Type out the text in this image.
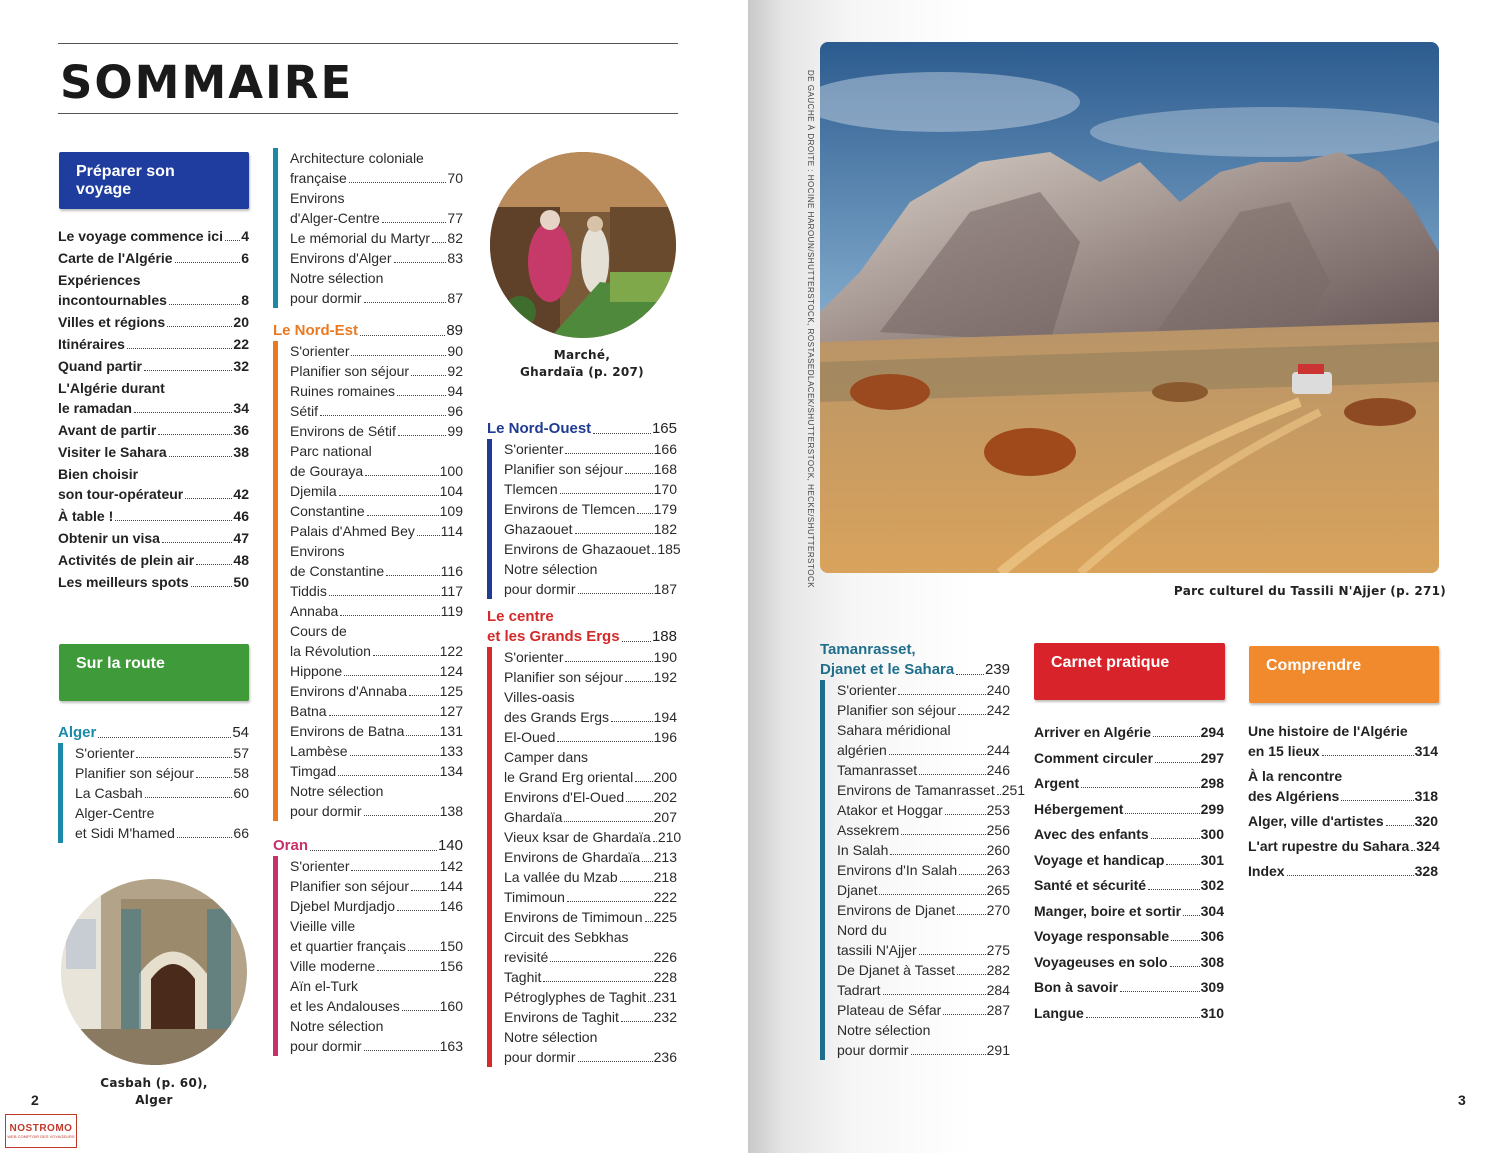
SOMMAIRE
Préparer son voyage
Le voyage commence ici 4
Carte de l'Algérie	6
Expériences
incontournables	8
Villes et régions	20
Itinéraires	22
Quand partir	32
L'Algérie durant
le ramadan	34
Avant de partir	36
Visiter le Sahara	38
Bien choisir
son tour-opérateur	42
À table !	46
Obtenir un visa	47
Activités de plein air	48
Les meilleurs spots	50
Sur la route
Alger	54
S'orienter	57
Planifier son séjour	58
La Casbah	60
Alger-Centre
et Sidi M'hamed	66
Casbah (p. 60),
Alger
2
Architecture coloniale
française	70
Environs
d'Alger-Centre	77
Le mémorial du Martyr 82
Environs d'Alger	83
Notre sélection
pour dormir	87
Le Nord-Est	89
S'orienter	90
Planifier son séjour	92
Ruines romaines	94
Sétif	96
Environs de Sétif	99
Parc national
de Gouraya	100
Djemila	104
Constantine	109
Palais d'Ahmed Bey 114
Environs
de Constantine	116
Tiddis	117
Annaba	119
Cours de
la Révolution	122
Hippone	124
Environs d'Annaba 125
Batna	127
Environs de Batna	131
Lambèse	133
Timgad	134
Notre sélection
pour dormir	138
Oran	140
S'orienter	142
Planifier son séjour 144
Djebel Murdjadjo	146
Vieille ville
et quartier français 150
Ville moderne	156
Aïn el-Turk
et les Andalouses	160
Notre sélection
pour dormir	163
Marché,
Ghardaïa (p. 207)
Le Nord-Ouest	165
S'orienter	166
Planifier son séjour 168
Tlemcen	170
Environs de Tlemcen 179
Ghazaouet	182
Environs de Ghazaouet 185
Notre sélection
pour dormir	187
Le centre
et les Grands Ergs 188
S'orienter	190
Planifier son séjour 192
Villes-oasis
des Grands Ergs	194
El-Oued	196
Camper dans
le Grand Erg oriental 200
Environs d'El-Oued 202
Ghardaïa	207
Vieux ksar de Ghardaïa 210
Environs de Ghardaïa 213
La vallée du Mzab	218
Timimoun	222
Environs de Timimoun 225
Circuit des Sebkhas
revisité	226
Taghit	228
Pétroglyphes de Taghit 231
Environs de Taghit 232
Notre sélection
pour dormir	236
DE GAUCHE À DROITE : HOCINE HAROUN/SHUTTERSTOCK, ROSTASEDLACEK/SHUTTERSTOCK, HECKE/SHUTTERSTOCK
Parc culturel du Tassili N'Ajjer (p. 271)
Tamanrasset,
Djanet et le Sahara 239
S'orienter	240
Planifier son séjour 242
Sahara méridional
algérien	244
Tamanrasset	246
Environs de Tamanrasset 251
Atakor et Hoggar	253
Assekrem	256
In Salah	260
Environs d'In Salah 263
Djanet	265
Environs de Djanet 270
Nord du
tassili N'Ajjer	275
De Djanet à Tasset 282
Tadrart	284
Plateau de Séfar	287
Notre sélection
pour dormir	291
Carnet pratique
Arriver en Algérie	294
Comment circuler	297
Argent	298
Hébergement	299
Avec des enfants	300
Voyage et handicap	301
Santé et sécurité	302
Manger, boire et sortir 304
Voyage responsable 306
Voyageuses en solo 308
Bon à savoir	309
Langue	310
Comprendre
Une histoire de l'Algérie
en 15 lieux	314
À la rencontre
des Algériens	318
Alger, ville d'artistes 320
L'art rupestre du Sahara 324
Index	328
3
NOSTROMO
WEB COMPTOIR DES VOYAGEURS
